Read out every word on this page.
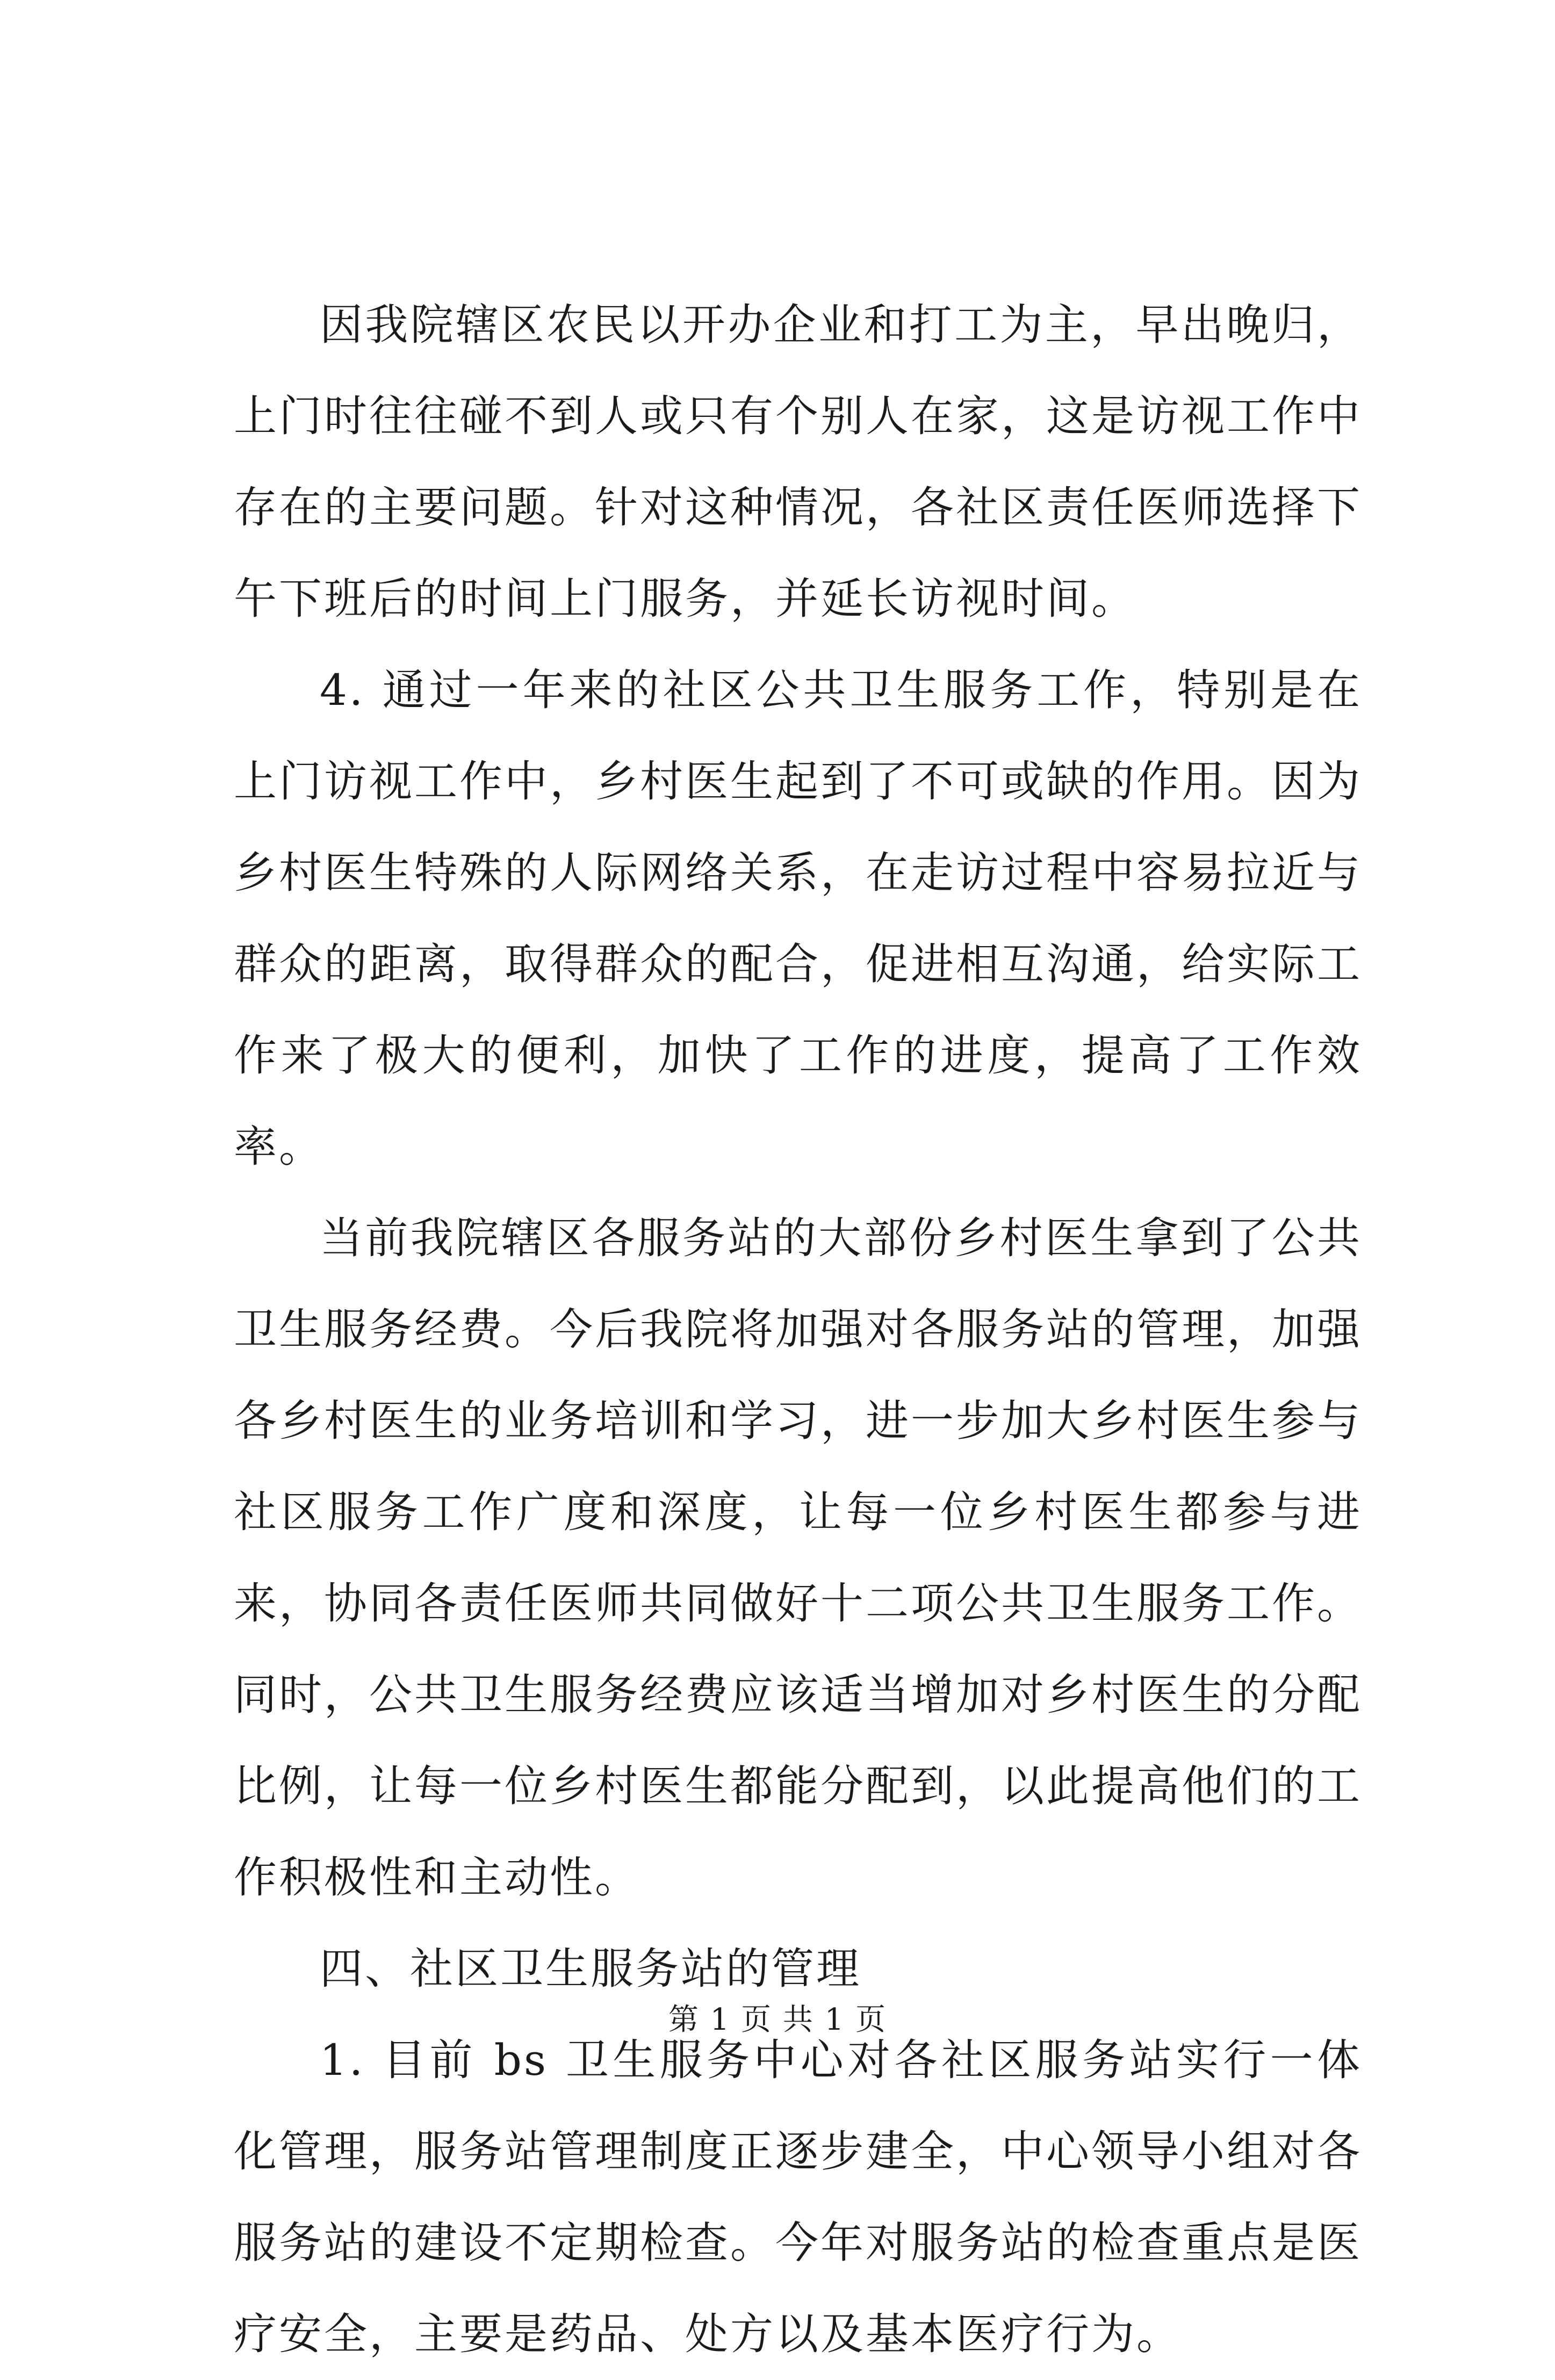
因我院辖区农民以开办企业和打工为主，早出晚归，上门时往往碰不到人或只有个别人在家，这是访视工作中存在的主要问题。针对这种情况，各社区责任医师选择下午下班后的时间上门服务，并延长访视时间。

4. 通过一年来的社区公共卫生服务工作，特别是在上门访视工作中，乡村医生起到了不可或缺的作用。因为乡村医生特殊的人际网络关系，在走访过程中容易拉近与群众的距离，取得群众的配合，促进相互沟通，给实际工作来了极大的便利，加快了工作的进度，提高了工作效率。

当前我院辖区各服务站的大部份乡村医生拿到了公共卫生服务经费。今后我院将加强对各服务站的管理，加强各乡村医生的业务培训和学习，进一步加大乡村医生参与社区服务工作广度和深度，让每一位乡村医生都参与进来，协同各责任医师共同做好十二项公共卫生服务工作。同时，公共卫生服务经费应该适当增加对乡村医生的分配比例，让每一位乡村医生都能分配到，以此提高他们的工作积极性和主动性。

四、社区卫生服务站的管理

1. 目前 bs 卫生服务中心对各社区服务站实行一体化管理，服务站管理制度正逐步建全，中心领导小组对各服务站的建设不定期检查。今年对服务站的检查重点是医疗安全，主要是药品、处方以及基本医疗行为。

第 1 页 共 1 页
